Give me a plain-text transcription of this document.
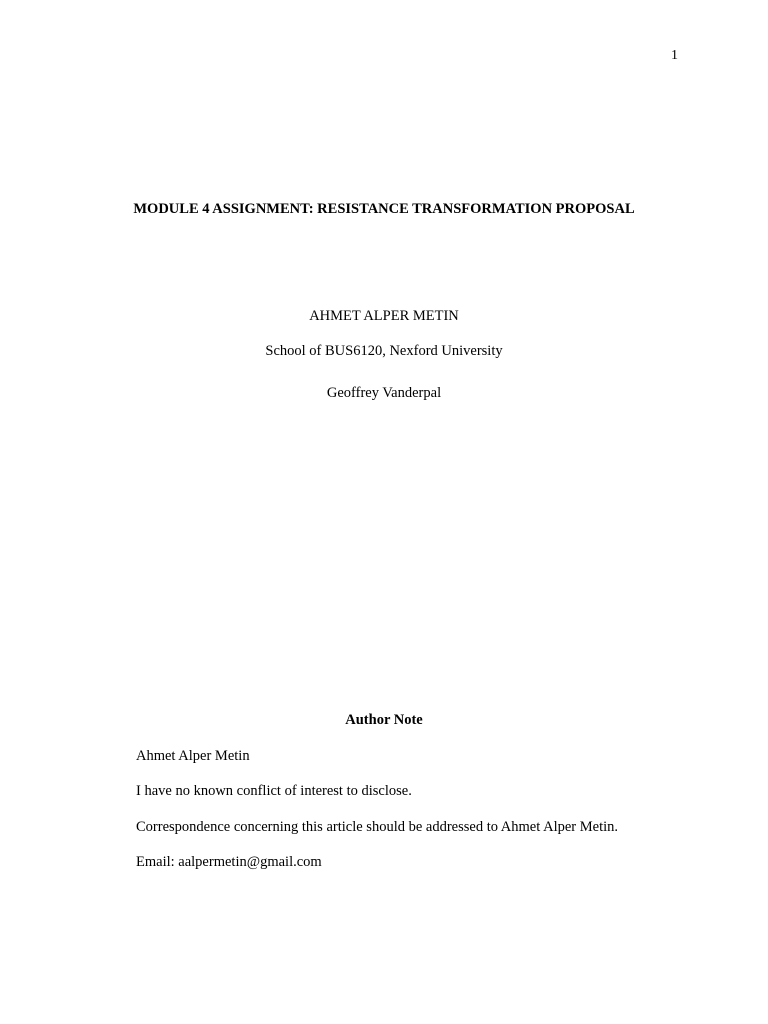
1
MODULE 4 ASSIGNMENT: RESISTANCE TRANSFORMATION PROPOSAL
AHMET ALPER METIN
School of BUS6120, Nexford University
Geoffrey Vanderpal
Author Note
Ahmet Alper Metin
I have no known conflict of interest to disclose.
Correspondence concerning this article should be addressed to Ahmet Alper Metin.
Email: aalpermetin@gmail.com
